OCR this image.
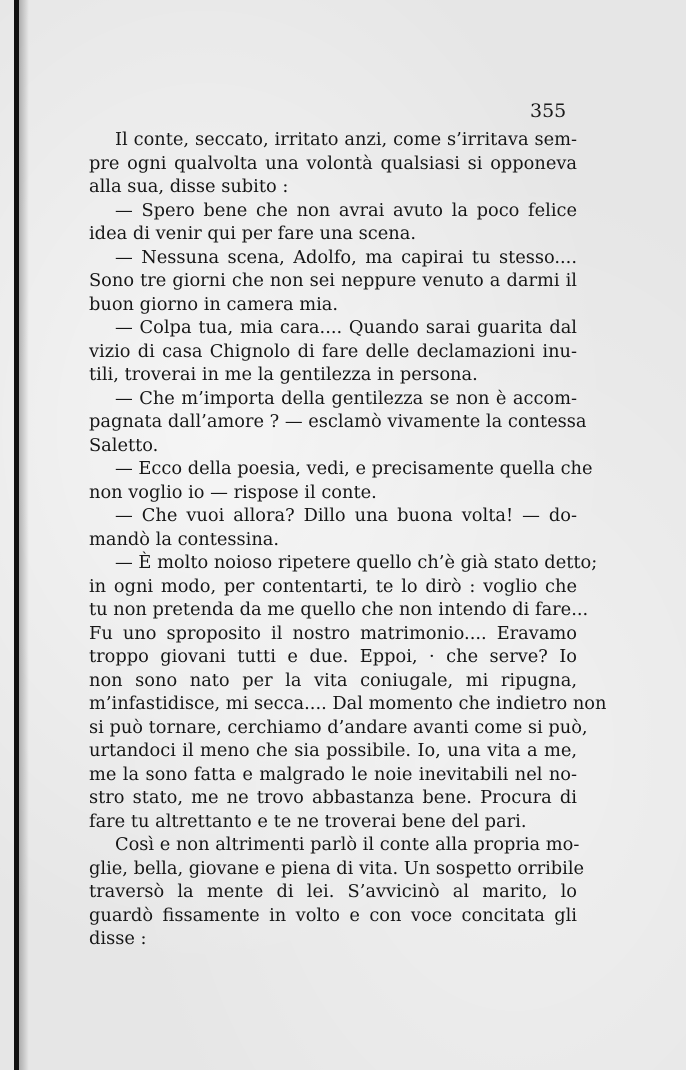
355
Il conte, seccato, irritato anzi, come s’irritava sem-
pre ogni qualvolta una volontà qualsiasi si opponeva
alla sua, disse subito :
— Spero bene che non avrai avuto la poco felice
idea di venir qui per fare una scena.
— Nessuna scena, Adolfo, ma capirai tu stesso....
Sono tre giorni che non sei neppure venuto a darmi il
buon giorno in camera mia.
— Colpa tua, mia cara.... Quando sarai guarita dal
vizio di casa Chignolo di fare delle declamazioni inu-
tili, troverai in me la gentilezza in persona.
— Che m’importa della gentilezza se non è accom-
pagnata dall’amore ? — esclamò vivamente la contessa
Saletto.
— Ecco della poesia, vedi, e precisamente quella che
non voglio io — rispose il conte.
— Che vuoi allora? Dillo una buona volta! — do-
mandò la contessina.
— È molto noioso ripetere quello ch’è già stato detto;
in ogni modo, per contentarti, te lo dirò : voglio che
tu non pretenda da me quello che non intendo di fare...
Fu uno sproposito il nostro matrimonio.... Eravamo
troppo giovani tutti e due. Eppoi, · che serve? Io
non sono nato per la vita coniugale, mi ripugna,
m’infastidisce, mi secca.... Dal momento che indietro non
si può tornare, cerchiamo d’andare avanti come si può,
urtandoci il meno che sia possibile. Io, una vita a me,
me la sono fatta e malgrado le noie inevitabili nel no-
stro stato, me ne trovo abbastanza bene. Procura di
fare tu altrettanto e te ne troverai bene del pari.
Così e non altrimenti parlò il conte alla propria mo-
glie, bella, giovane e piena di vita. Un sospetto orribile
traversò la mente di lei. S’avvicinò al marito, lo
guardò fissamente in volto e con voce concitata gli
disse :
